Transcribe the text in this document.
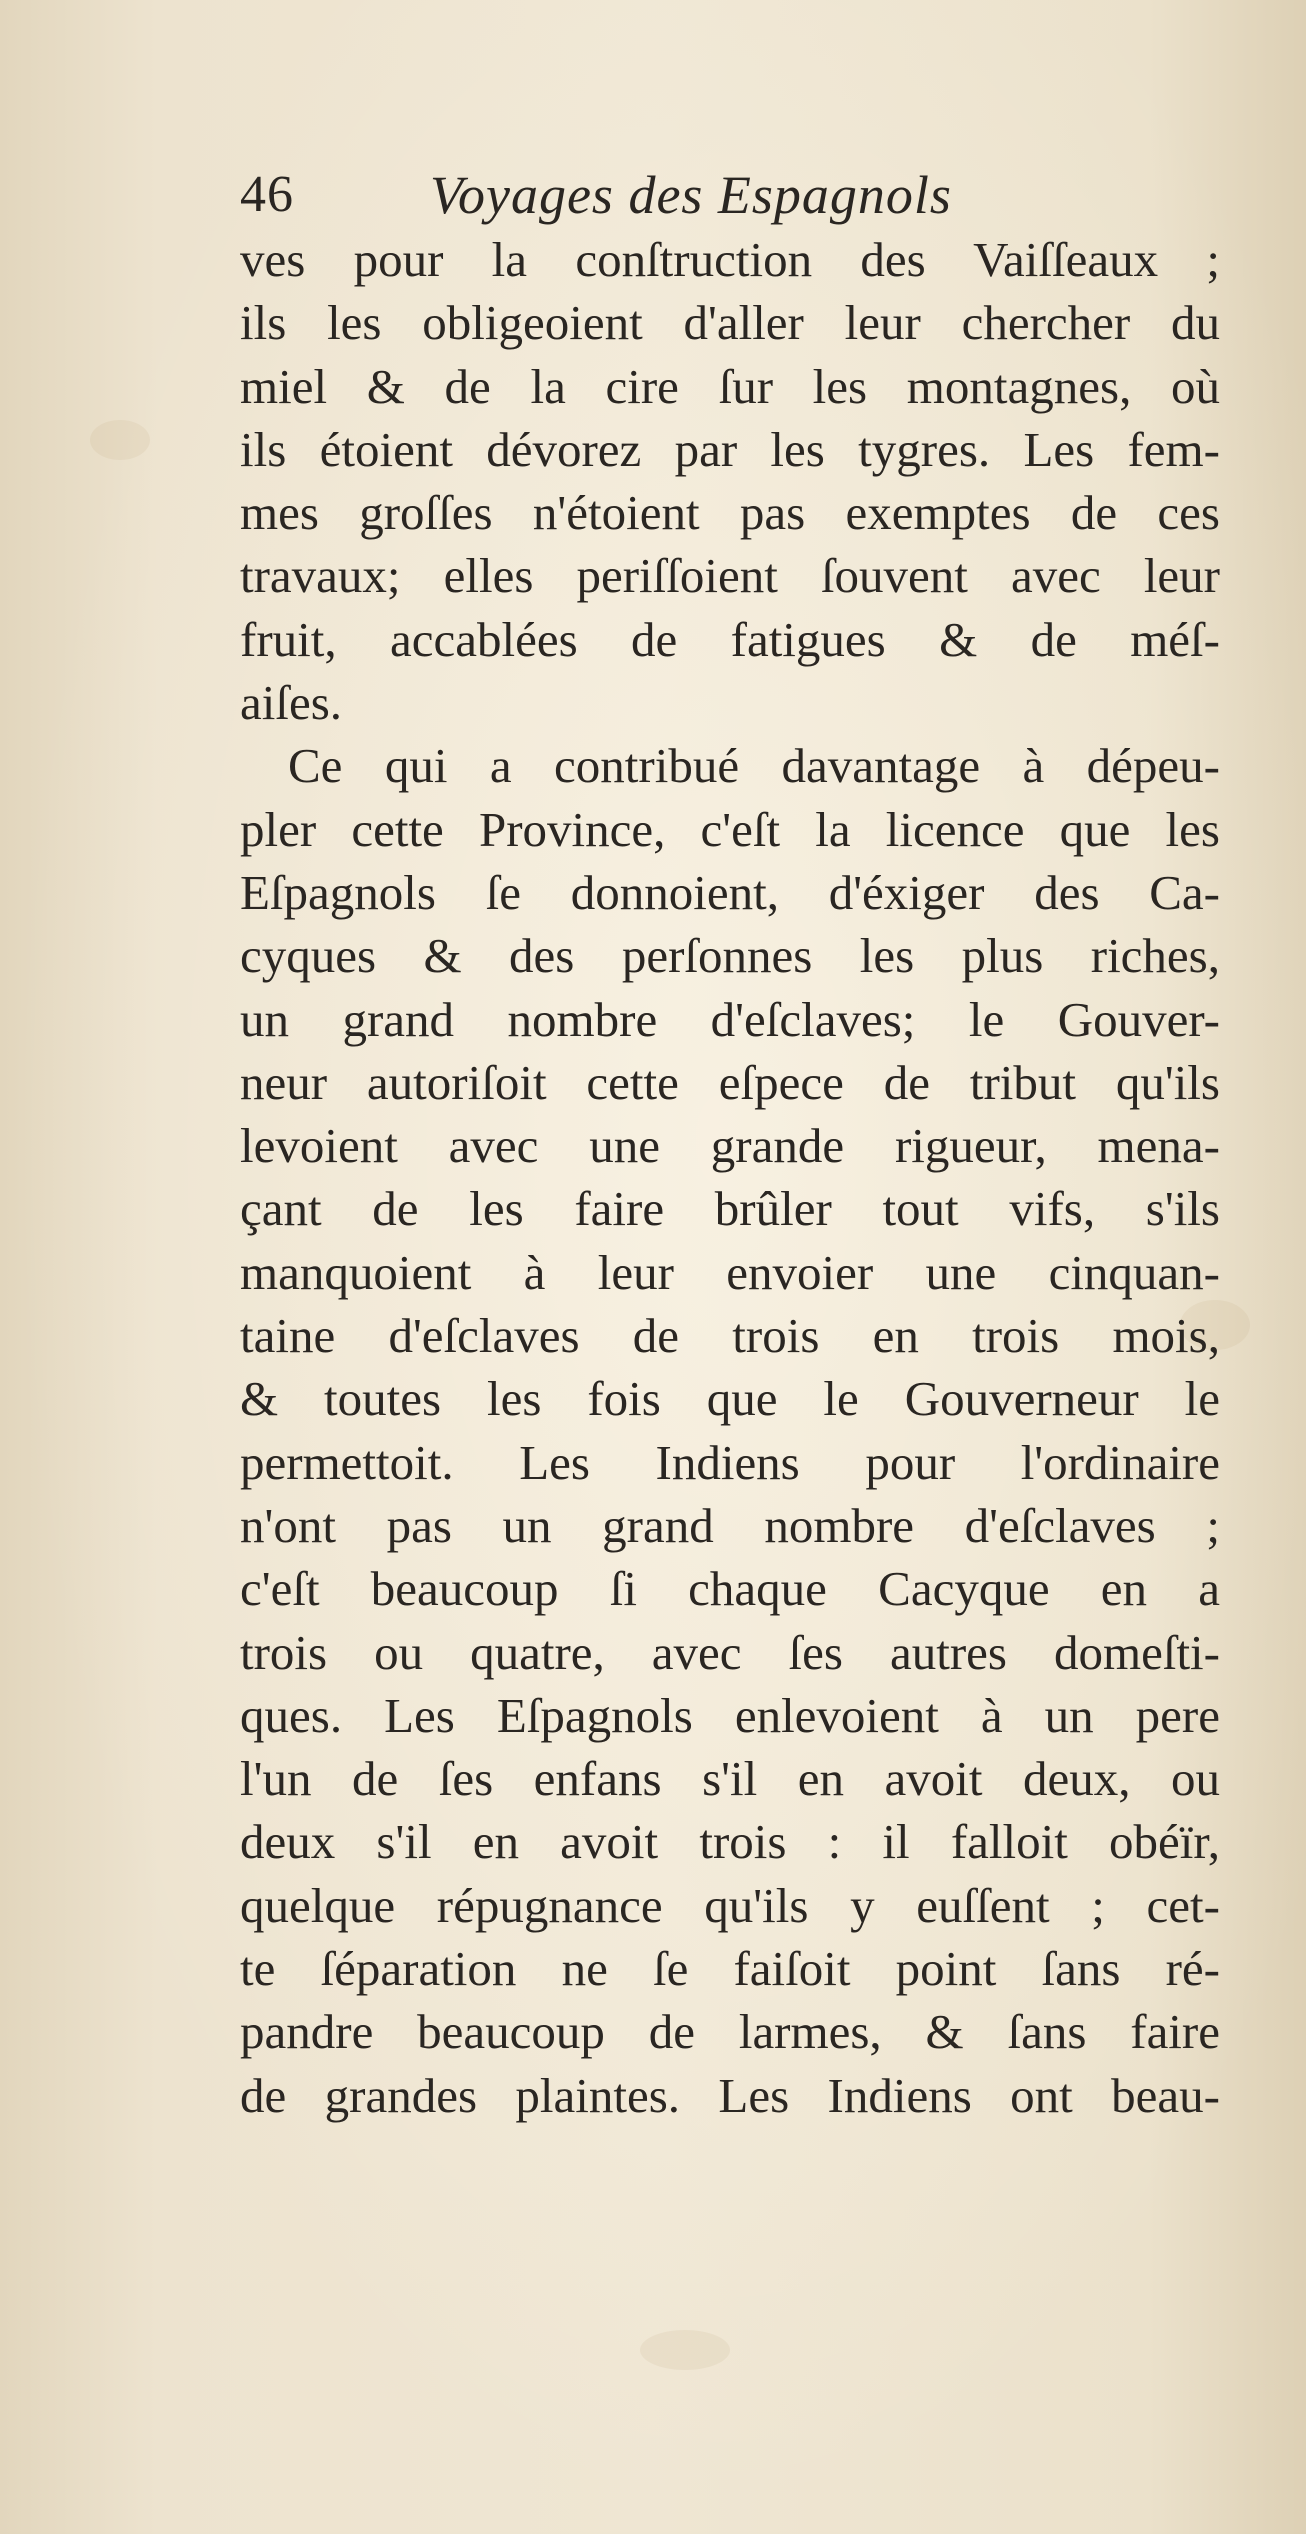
46	Voyages des Espagnols
ves pour la conſtruction des Vaiſſeaux ;
ils les obligeoient d'aller leur chercher du
miel & de la cire ſur les montagnes, où
ils étoient dévorez par les tygres. Les fem-
mes groſſes n'étoient pas exemptes de ces
travaux; elles periſſoient ſouvent avec leur
fruit, accablées de fatigues & de méſ-
aiſes.
Ce qui a contribué davantage à dépeu-
pler cette Province, c'eſt la licence que les
Eſpagnols ſe donnoient, d'éxiger des Ca-
cyques & des perſonnes les plus riches,
un grand nombre d'eſclaves; le Gouver-
neur autoriſoit cette eſpece de tribut qu'ils
levoient avec une grande rigueur, mena-
çant de les faire brûler tout vifs, s'ils
manquoient à leur envoier une cinquan-
taine d'eſclaves de trois en trois mois,
& toutes les fois que le Gouverneur le
permettoit. Les Indiens pour l'ordinaire
n'ont pas un grand nombre d'eſclaves ;
c'eſt beaucoup ſi chaque Cacyque en a
trois ou quatre, avec ſes autres domeſti-
ques. Les Eſpagnols enlevoient à un pere
l'un de ſes enfans s'il en avoit deux, ou
deux s'il en avoit trois : il falloit obéïr,
quelque répugnance qu'ils y euſſent ; cet-
te ſéparation ne ſe faiſoit point ſans ré-
pandre beaucoup de larmes, & ſans faire
de grandes plaintes. Les Indiens ont beau-
